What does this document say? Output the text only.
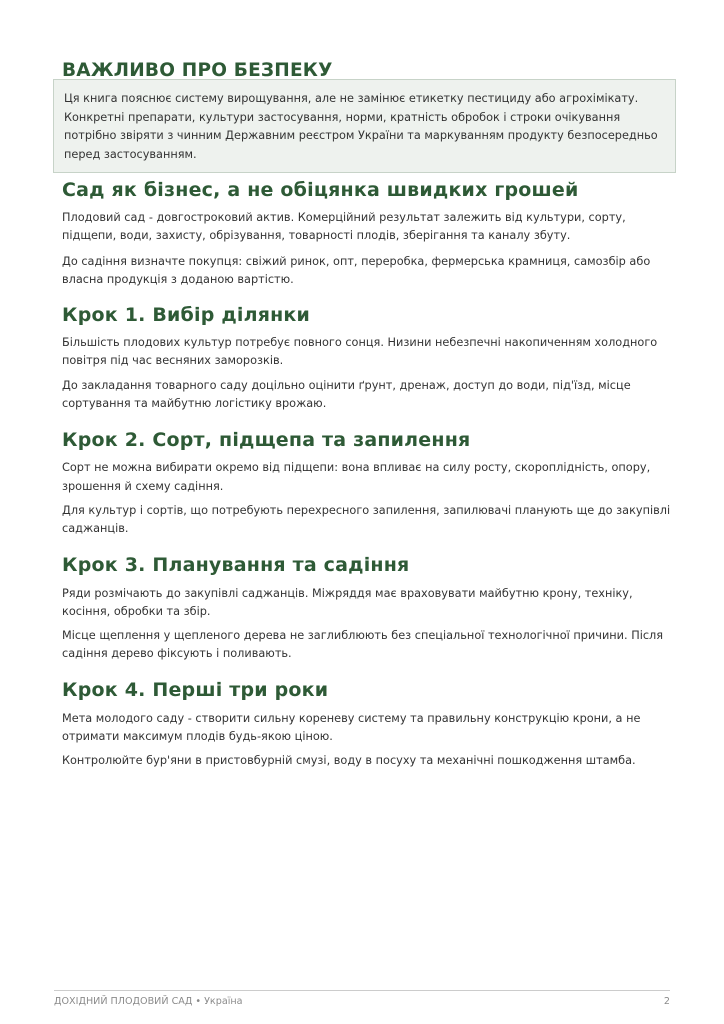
ВАЖЛИВО ПРО БЕЗПЕКУ
Ця книга пояснює систему вирощування, але не замінює етикетку пестициду або агрохімікату. Конкретні препарати, культури застосування, норми, кратність обробок і строки очікування потрібно звіряти з чинним Державним реєстром України та маркуванням продукту безпосередньо перед застосуванням.
Сад як бізнес, а не обіцянка швидких грошей

Плодовий сад - довгостроковий актив. Комерційний результат залежить від культури, сорту, підщепи, води, захисту, обрізування, товарності плодів, зберігання та каналу збуту.

До садіння визначте покупця: свіжий ринок, опт, переробка, фермерська крамниця, самозбір або власна продукція з доданою вартістю.

Крок 1. Вибір ділянки

Більшість плодових культур потребує повного сонця. Низини небезпечні накопиченням холодного повітря під час весняних заморозків.

До закладання товарного саду доцільно оцінити ґрунт, дренаж, доступ до води, під'їзд, місце сортування та майбутню логістику врожаю.

Крок 2. Сорт, підщепа та запилення

Сорт не можна вибирати окремо від підщепи: вона впливає на силу росту, скороплідність, опору, зрошення й схему садіння.

Для культур і сортів, що потребують перехресного запилення, запилювачі планують ще до закупівлі саджанців.

Крок 3. Планування та садіння

Ряди розмічають до закупівлі саджанців. Міжряддя має враховувати майбутню крону, техніку, косіння, обробки та збір.

Місце щеплення у щепленого дерева не заглиблюють без спеціальної технологічної причини. Після садіння дерево фіксують і поливають.

Крок 4. Перші три роки

Мета молодого саду - створити сильну кореневу систему та правильну конструкцію крони, а не отримати максимум плодів будь-якою ціною.

Контролюйте бур'яни в пристовбурній смузі, воду в посуху та механічні пошкодження штамба.

ДОХІДНИЙ ПЛОДОВИЙ САД • Україна	2
